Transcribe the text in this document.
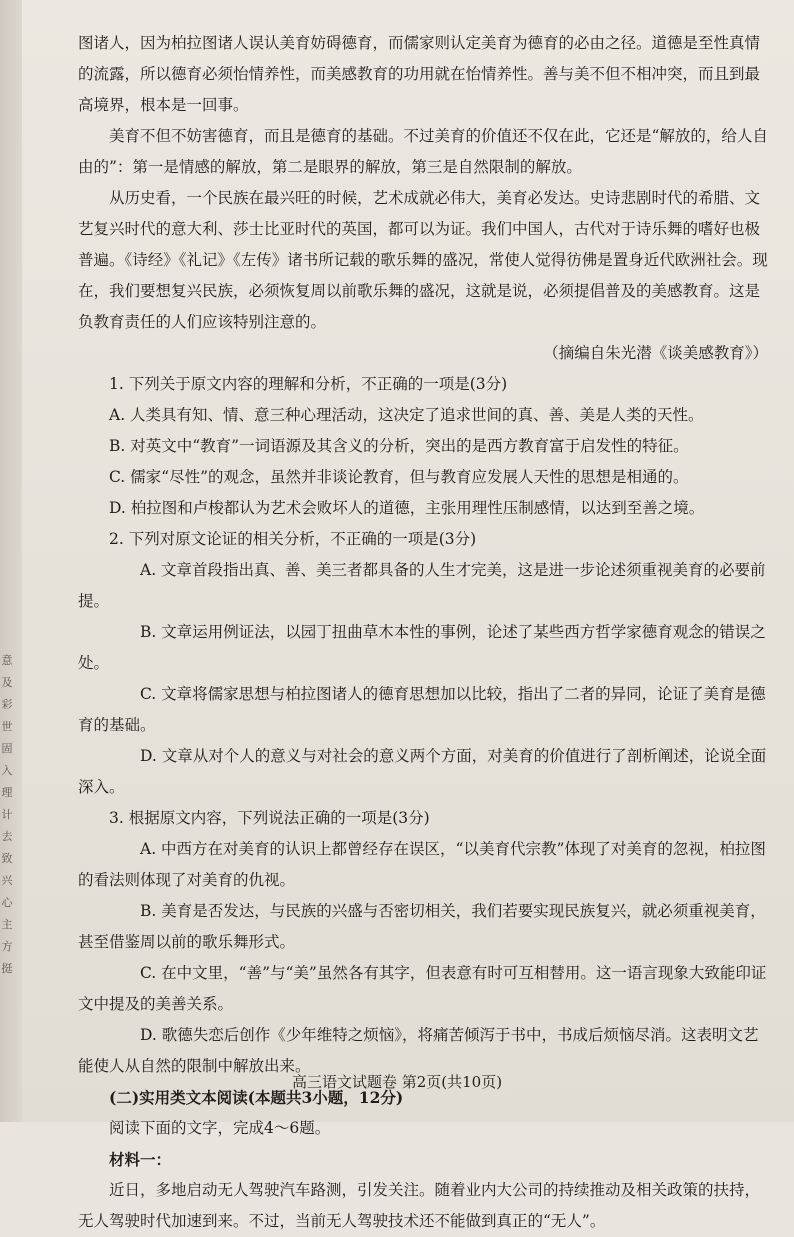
意 及 彩 世 固 入 理 计 去 致 兴 心 主 方 挺

图诸人，因为柏拉图诸人误认美育妨碍德育，而儒家则认定美育为德育的必由之径。道德是至性真情的流露，所以德育必须怡情养性，而美感教育的功用就在怡情养性。善与美不但不相冲突，而且到最高境界，根本是一回事。

美育不但不妨害德育，而且是德育的基础。不过美育的价值还不仅在此，它还是“解放的，给人自由的”：第一是情感的解放，第二是眼界的解放，第三是自然限制的解放。

从历史看，一个民族在最兴旺的时候，艺术成就必伟大，美育必发达。史诗悲剧时代的希腊、文艺复兴时代的意大利、莎士比亚时代的英国，都可以为证。我们中国人，古代对于诗乐舞的嗜好也极普遍。《诗经》《礼记》《左传》诸书所记载的歌乐舞的盛况，常使人觉得彷佛是置身近代欧洲社会。现在，我们要想复兴民族，必须恢复周以前歌乐舞的盛况，这就是说，必须提倡普及的美感教育。这是负教育责任的人们应该特别注意的。

（摘编自朱光潜《谈美感教育》）

1. 下列关于原文内容的理解和分析，不正确的一项是(3分)

A. 人类具有知、情、意三种心理活动，这决定了追求世间的真、善、美是人类的天性。

B. 对英文中“教育”一词语源及其含义的分析，突出的是西方教育富于启发性的特征。

C. 儒家“尽性”的观念，虽然并非谈论教育，但与教育应发展人天性的思想是相通的。

D. 柏拉图和卢梭都认为艺术会败坏人的道德，主张用理性压制感情，以达到至善之境。

2. 下列对原文论证的相关分析，不正确的一项是(3分)

A. 文章首段指出真、善、美三者都具备的人生才完美，这是进一步论述须重视美育的必要前提。

B. 文章运用例证法，以园丁扭曲草木本性的事例，论述了某些西方哲学家德育观念的错误之处。

C. 文章将儒家思想与柏拉图诸人的德育思想加以比较，指出了二者的异同，论证了美育是德育的基础。

D. 文章从对个人的意义与对社会的意义两个方面，对美育的价值进行了剖析阐述，论说全面深入。

3. 根据原文内容，下列说法正确的一项是(3分)

A. 中西方在对美育的认识上都曾经存在误区，“以美育代宗教”体现了对美育的忽视，柏拉图的看法则体现了对美育的仇视。

B. 美育是否发达，与民族的兴盛与否密切相关，我们若要实现民族复兴，就必须重视美育，甚至借鉴周以前的歌乐舞形式。

C. 在中文里，“善”与“美”虽然各有其字，但表意有时可互相替用。这一语言现象大致能印证文中提及的美善关系。

D. 歌德失恋后创作《少年维特之烦恼》，将痛苦倾泻于书中，书成后烦恼尽消。这表明文艺能使人从自然的限制中解放出来。

(二)实用类文本阅读(本题共3小题，12分)

阅读下面的文字，完成4～6题。

材料一：

近日，多地启动无人驾驶汽车路测，引发关注。随着业内大公司的持续推动及相关政策的扶持，无人驾驶时代加速到来。不过，当前无人驾驶技术还不能做到真正的“无人”。

高三语文试题卷 第2页(共10页)
